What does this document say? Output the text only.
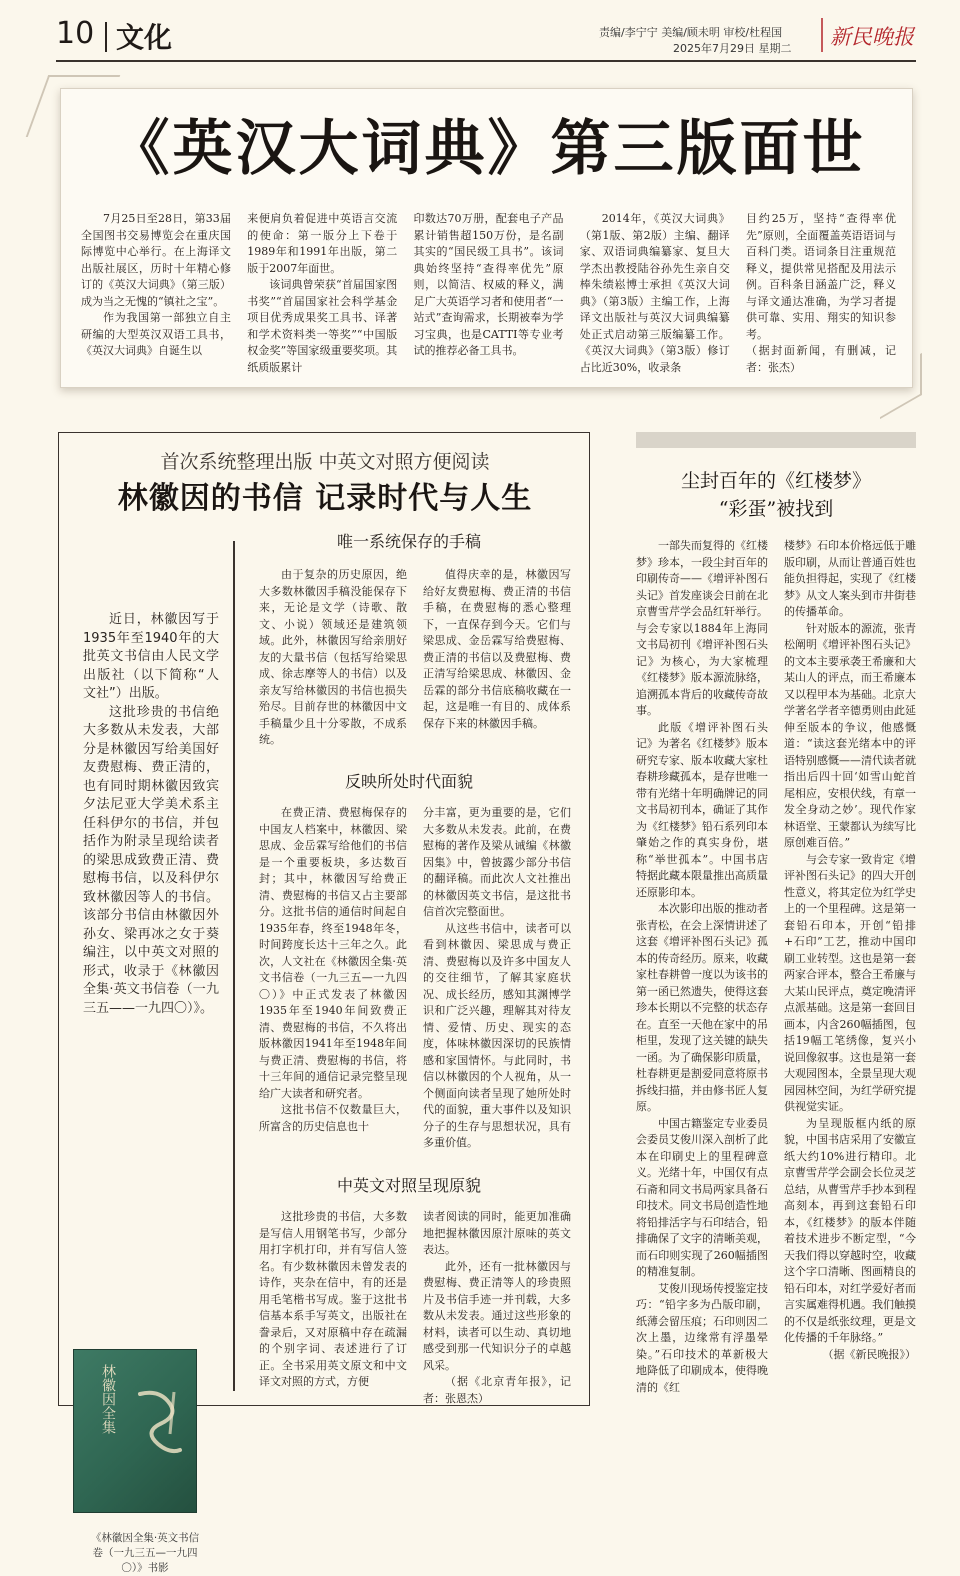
10 文化	责编/李宁宁 美编/顾未明 审校/杜程国
2025年7月29日 星期二 新民晚报
《英汉大词典》第三版面世

7月25日至28日，第33届全国图书交易博览会在重庆国际博览中心举行。在上海译文出版社展区，历时十年精心修订的《英汉大词典》（第三版）成为当之无愧的“镇社之宝”。

作为我国第一部独立自主研编的大型英汉双语工具书，《英汉大词典》自诞生以

来便肩负着促进中英语言交流的使命：第一版分上下卷于1989年和1991年出版，第二版于2007年面世。

该词典曾荣获“首届国家图书奖”“首届国家社会科学基金项目优秀成果奖工具书、译著和学术资料类一等奖”“中国版权金奖”等国家级重要奖项。其纸质版累计

印数达70万册，配套电子产品累计销售超150万份，是名副其实的“国民级工具书”。该词典始终坚持“查得率优先”原则，以简洁、权威的释义，满足广大英语学习者和使用者“一站式”查询需求，长期被奉为学习宝典，也是CATTI等专业考试的推荐必备工具书。

2014年，《英汉大词典》（第1版、第2版）主编、翻译家、双语词典编纂家、复旦大学杰出教授陆谷孙先生亲自交棒朱绩崧博士承担《英汉大词典》（第3版）主编工作，上海译文出版社与英汉大词典编纂处正式启动第三版编纂工作。《英汉大词典》（第3版）修订占比近30%，收录条

目约25万，坚持“查得率优先”原则，全面覆盖英语语词与百科门类。语词条目注重规范释义，提供常见搭配及用法示例。百科条目涵盖广泛，释义与译文通达准确，为学习者提供可靠、实用、翔实的知识参考。

（据封面新闻，有删减，记者：张杰）

首次系统整理出版 中英文对照方便阅读
林徽因的书信 记录时代与人生

近日，林徽因写于1935年至1940年的大批英文书信由人民文学出版社（以下简称“人文社”）出版。

这批珍贵的书信绝大多数从未发表，大部分是林徽因写给美国好友费慰梅、费正清的，也有同时期林徽因致宾夕法尼亚大学美术系主任科伊尔的书信，并包括作为附录呈现给读者的梁思成致费正清、费慰梅书信，以及科伊尔致林徽因等人的书信。该部分书信由林徽因外孙女、梁再冰之女于葵编注，以中英文对照的形式，收录于《林徽因全集·英文书信卷（一九三五——一九四〇）》。

林徽因全集
《林徽因全集·英文书信卷（一九三五—一九四〇）》书影
唯一系统保存的手稿

由于复杂的历史原因，绝大多数林徽因手稿没能保存下来，无论是文学（诗歌、散文、小说）领域还是建筑领域。此外，林徽因写给亲朋好友的大量书信（包括写给梁思成、徐志摩等人的书信）以及亲友写给林徽因的书信也损失殆尽。目前存世的林徽因中文手稿量少且十分零散，不成系统。

值得庆幸的是，林徽因写给好友费慰梅、费正清的书信手稿，在费慰梅的悉心整理下，一直保存到今天。它们与梁思成、金岳霖写给费慰梅、费正清的书信以及费慰梅、费正清写给梁思成、林徽因、金岳霖的部分书信底稿收藏在一起，这是唯一有目的、成体系保存下来的林徽因手稿。

反映所处时代面貌

在费正清、费慰梅保存的中国友人档案中，林徽因、梁思成、金岳霖写给他们的书信是一个重要板块，多达数百封；其中，林徽因写给费正清、费慰梅的书信又占主要部分。这批书信的通信时间起自1935年春，终至1948年冬，时间跨度长达十三年之久。此次，人文社在《林徽因全集·英文书信卷（一九三五—一九四〇）》中正式发表了林徽因1935年至1940年间致费正清、费慰梅的书信，不久将出版林徽因1941年至1948年间与费正清、费慰梅的书信，将十三年间的通信记录完整呈现给广大读者和研究者。

这批书信不仅数量巨大，所富含的历史信息也十

分丰富，更为重要的是，它们大多数从未发表。此前，在费慰梅的著作及梁从诫编《林徽因集》中，曾披露少部分书信的翻译稿。而此次人文社推出的林徽因英文书信，是这批书信首次完整面世。

从这些书信中，读者可以看到林徽因、梁思成与费正清、费慰梅以及许多中国友人的交往细节，了解其家庭状况、成长经历，感知其渊博学识和广泛兴趣，理解其对待友情、爱情、历史、现实的态度，体味林徽因深切的民族情感和家国情怀。与此同时，书信以林徽因的个人视角，从一个侧面向读者呈现了她所处时代的面貌，重大事件以及知识分子的生存与思想状况，具有多重价值。

中英文对照呈现原貌

这批珍贵的书信，大多数是写信人用钢笔书写，少部分用打字机打印，并有写信人签名。有少数林徽因未曾发表的诗作，夹杂在信中，有的还是用毛笔楷书写成。鉴于这批书信基本系手写英文，出版社在誊录后，又对原稿中存在疏漏的个别字词、表述进行了订正。全书采用英文原文和中文译文对照的方式，方便

读者阅读的同时，能更加准确地把握林徽因原汁原味的英文表达。

此外，还有一批林徽因与费慰梅、费正清等人的珍贵照片及书信手迹一并刊载，大多数从未发表。通过这些形象的材料，读者可以生动、真切地感受到那一代知识分子的卓越风采。

（据《北京青年报》，记者：张恩杰）

尘封百年的《红楼梦》
“彩蛋”被找到

一部失而复得的《红楼梦》珍本，一段尘封百年的印刷传奇——《增评补图石头记》首发座谈会日前在北京曹雪芹学会品红轩举行。与会专家以1884年上海同文书局初刊《增评补图石头记》为核心，为大家梳理《红楼梦》版本源流脉络，追溯孤本背后的收藏传奇故事。

此版《增评补图石头记》为著名《红楼梦》版本研究专家、版本收藏大家杜春耕珍藏孤本，是存世唯一带有光绪十年明确牌记的同文书局初刊本，确证了其作为《红楼梦》铅石系列印本肇始之作的真实身份，堪称“举世孤本”。中国书店特据此藏本限量推出高质量还原影印本。

本次影印出版的推动者张青松，在会上深情讲述了这套《增评补图石头记》孤本的传奇经历。原来，收藏家杜春耕曾一度以为该书的第一函已然遗失，使得这套珍本长期以不完整的状态存在。直至一天他在家中的吊柜里，发现了这关键的缺失一函。为了确保影印质量，杜春耕更是割爱同意将原书拆线扫描，并由修书匠人复原。

中国古籍鉴定专业委员会委员艾俊川深入剖析了此本在印刷史上的里程碑意义。光绪十年，中国仅有点石斋和同文书局两家具备石印技术。同文书局创造性地将铅排活字与石印结合，铅排确保了文字的清晰美观，而石印则实现了260幅插图的精准复制。

艾俊川现场传授鉴定技巧：“铅字多为凸版印刷，纸薄会留压痕；石印则因二次上墨，边缘常有浮墨晕染。”石印技术的革新极大地降低了印刷成本，使得晚清的《红

楼梦》石印本价格远低于雕版印刷，从而让普通百姓也能负担得起，实现了《红楼梦》从文人案头到市井街巷的传播革命。

针对版本的源流，张青松阐明《增评补图石头记》的文本主要承袭王希廉和大某山人的评点，而王希廉本又以程甲本为基础。北京大学著名学者辛德勇则由此延伸至版本的争议，他感慨道：“读这套光绪本中的评语特别感慨——清代读者就指出后四十回‘如雪山蛇首尾相应，安根伏线，有章一发全身动之妙’。现代作家林语堂、王蒙都认为续写比原创难百倍。”

与会专家一致肯定《增评补图石头记》的四大开创性意义，将其定位为红学史上的一个里程碑。这是第一套铅石印本，开创“铅排+石印”工艺，推动中国印刷工业转型。这也是第一套两家合评本，整合王希廉与大某山民评点，奠定晚清评点派基础。这是第一套回目画本，内含260幅插图，包括19幅工笔绣像，复兴小说回像叙事。这也是第一套大观园图本，全景呈现大观园园林空间，为红学研究提供视觉实证。

为呈现版框内纸的原貌，中国书店采用了安徽宣纸大约10%进行精印。北京曹雪芹学会副会长位灵芝总结，从曹雪芹手抄本到程高刻本，再到这套铅石印本，《红楼梦》的版本伴随着技术进步不断定型，“今天我们得以穿越时空，收藏这个字口清晰、图画精良的铅石印本，对红学爱好者而言实属难得机遇。我们触摸的不仅是纸张纹理，更是文化传播的千年脉络。”

（据《新民晚报》）
